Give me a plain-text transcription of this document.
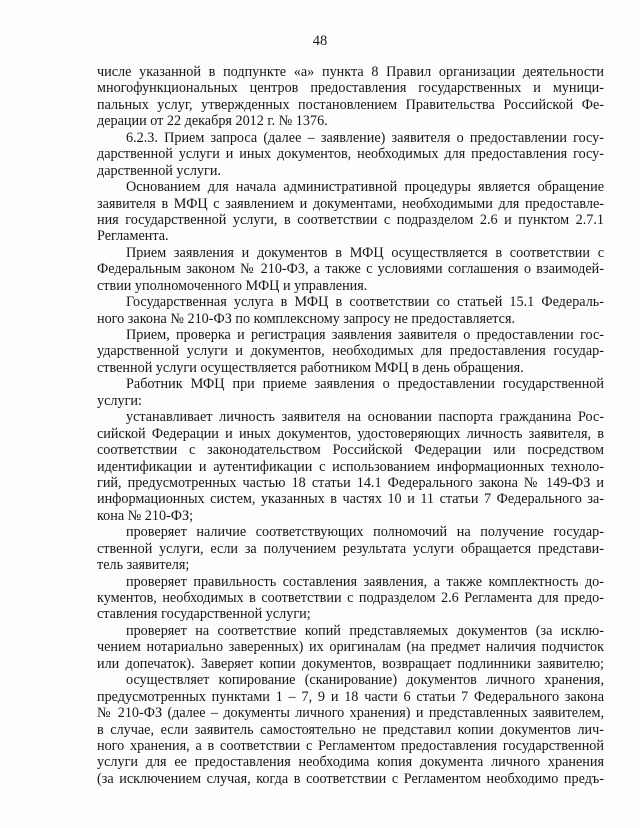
48
числе указанной в подпункте «а» пункта 8 Правил организации деятельности
многофункциональных центров предоставления государственных и муници-
пальных услуг, утвержденных постановлением Правительства Российской Фе-
дерации от 22 декабря 2012 г. № 1376.
6.2.3. Прием запроса (далее – заявление) заявителя о предоставлении госу-
дарственной услуги и иных документов, необходимых для предоставления госу-
дарственной услуги.
Основанием для начала административной процедуры является обращение
заявителя в МФЦ с заявлением и документами, необходимыми для предоставле-
ния государственной услуги, в соответствии с подразделом 2.6 и пунктом 2.7.1
Регламента.
Прием заявления и документов в МФЦ осуществляется в соответствии с
Федеральным законом № 210-ФЗ, а также с условиями соглашения о взаимодей-
ствии уполномоченного МФЦ и управления.
Государственная услуга в МФЦ в соответствии со статьей 15.1 Федераль-
ного закона № 210-ФЗ по комплексному запросу не предоставляется.
Прием, проверка и регистрация заявления заявителя о предоставлении гос-
ударственной услуги и документов, необходимых для предоставления государ-
ственной услуги осуществляется работником МФЦ в день обращения.
Работник МФЦ при приеме заявления о предоставлении государственной
услуги:
устанавливает личность заявителя на основании паспорта гражданина Рос-
сийской Федерации и иных документов, удостоверяющих личность заявителя, в
соответствии с законодательством Российской Федерации или посредством
идентификации и аутентификации с использованием информационных техноло-
гий, предусмотренных частью 18 статьи 14.1 Федерального закона № 149-ФЗ и
информационных систем, указанных в частях 10 и 11 статьи 7 Федерального за-
кона № 210-ФЗ;
проверяет наличие соответствующих полномочий на получение государ-
ственной услуги, если за получением результата услуги обращается представи-
тель заявителя;
проверяет правильность составления заявления, а также комплектность до-
кументов, необходимых в соответствии с подразделом 2.6 Регламента для предо-
ставления государственной услуги;
проверяет на соответствие копий представляемых документов (за исклю-
чением нотариально заверенных) их оригиналам (на предмет наличия подчисток
или допечаток). Заверяет копии документов, возвращает подлинники заявителю;
осуществляет копирование (сканирование) документов личного хранения,
предусмотренных пунктами 1 – 7, 9 и 18 части 6 статьи 7 Федерального закона
№ 210-ФЗ (далее – документы личного хранения) и представленных заявителем,
в случае, если заявитель самостоятельно не представил копии документов лич-
ного хранения, а в соответствии с Регламентом предоставления государственной
услуги для ее предоставления необходима копия документа личного хранения
(за исключением случая, когда в соответствии с Регламентом необходимо предъ-
